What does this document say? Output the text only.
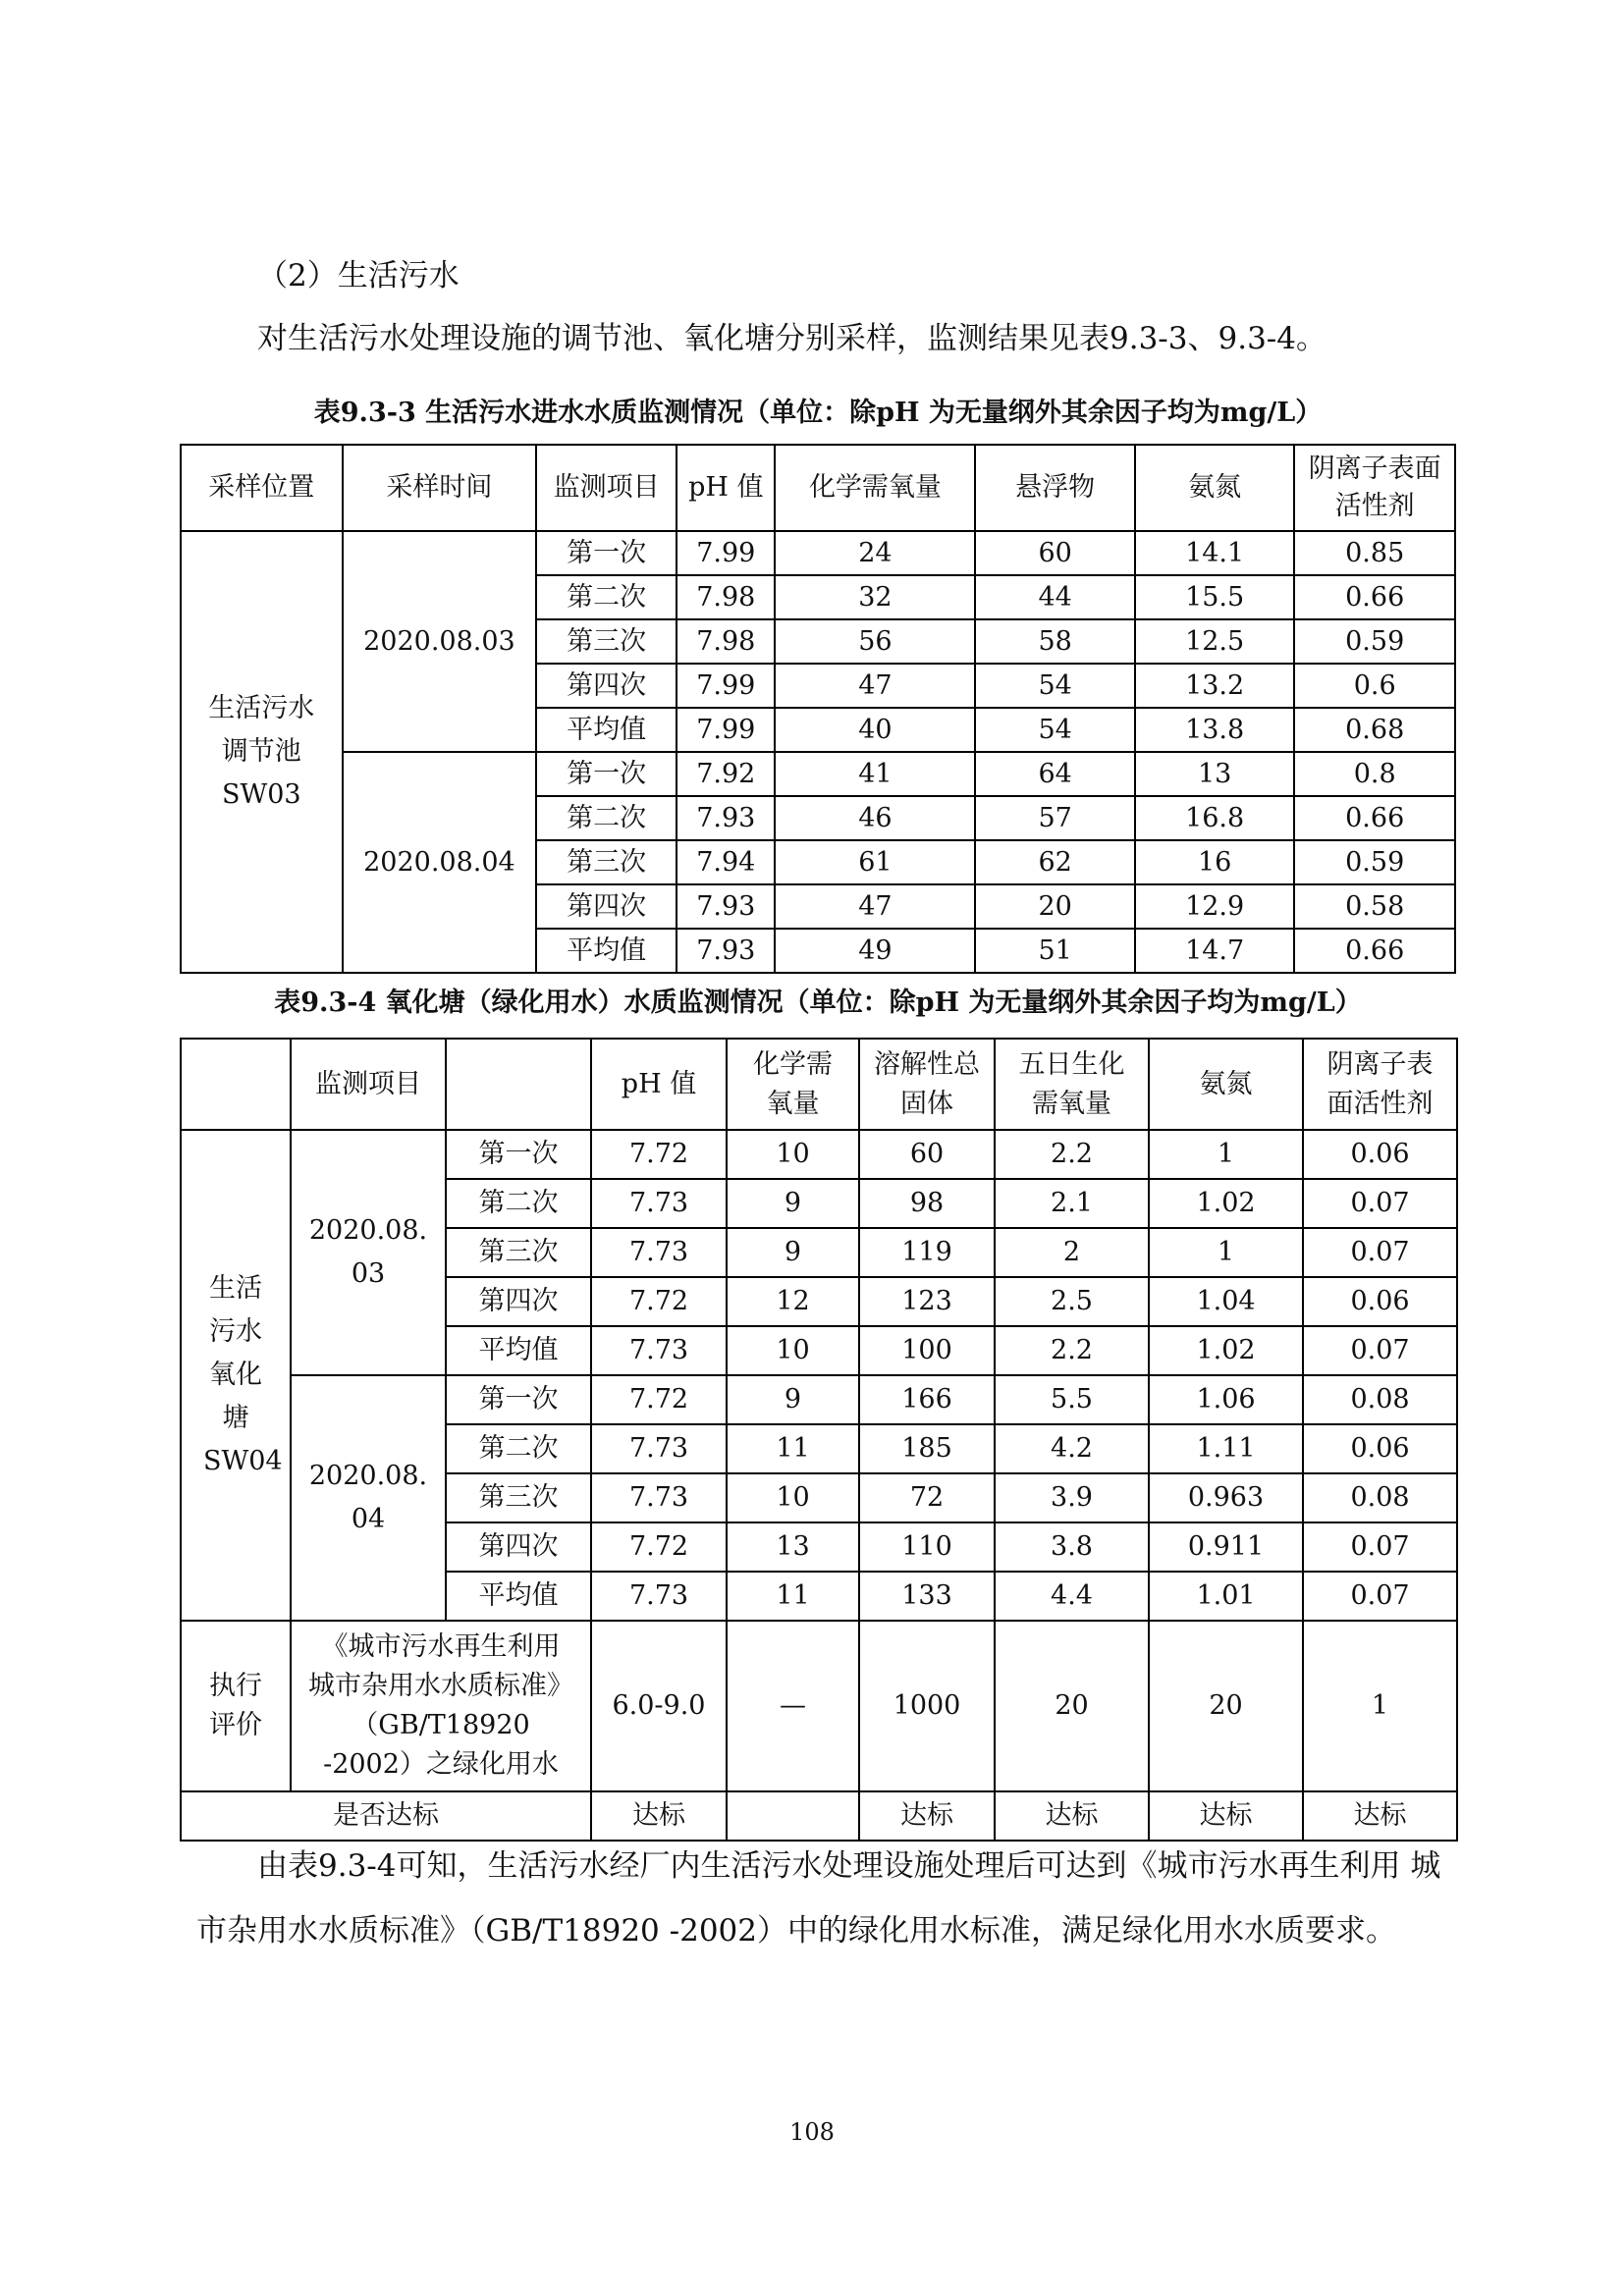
（2）生活污水
对生活污水处理设施的调节池、氧化塘分别采样，监测结果见表9.3-3、9.3-4。
表9.3-3 生活污水进水水质监测情况（单位：除pH 为无量纲外其余因子均为mg/L）
采样位置	采样时间	监测项目	pH 值	化学需氧量	悬浮物	氨氮	阴离子表面活性剂
生活污水调节池SW03	2020.08.03	第一次	7.99	24	60	14.1	0.85
		第二次	7.98	32	44	15.5	0.66
		第三次	7.98	56	58	12.5	0.59
		第四次	7.99	47	54	13.2	0.6
		平均值	7.99	40	54	13.8	0.68
	2020.08.04	第一次	7.92	41	64	13	0.8
		第二次	7.93	46	57	16.8	0.66
		第三次	7.94	61	62	16	0.59
		第四次	7.93	47	20	12.9	0.58
		平均值	7.93	49	51	14.7	0.66
表9.3-4 氧化塘（绿化用水）水质监测情况（单位：除pH 为无量纲外其余因子均为mg/L）
	监测项目		pH 值	化学需氧量	溶解性总固体	五日生化需氧量	氨氮	阴离子表面活性剂
生活污水氧化塘SW04	2020.08.03	第一次	7.72	10	60	2.2	1	0.06
		第二次	7.73	9	98	2.1	1.02	0.07
		第三次	7.73	9	119	2	1	0.07
		第四次	7.72	12	123	2.5	1.04	0.06
		平均值	7.73	10	100	2.2	1.02	0.07
	2020.08.04	第一次	7.72	9	166	5.5	1.06	0.08
		第二次	7.73	11	185	4.2	1.11	0.06
		第三次	7.73	10	72	3.9	0.963	0.08
		第四次	7.72	13	110	3.8	0.911	0.07
		平均值	7.73	11	133	4.4	1.01	0.07
执行评价	《城市污水再生利用 城市杂用水水质标准》（GB/T18920 -2002）之绿化用水		6.0-9.0	—	1000	20	20	1
是否达标			达标		达标	达标	达标	达标
由表9.3-4可知，生活污水经厂内生活污水处理设施处理后可达到《城市污水再生利用 城市杂用水水质标准》（GB/T18920 -2002）中的绿化用水标准，满足绿化用水水质要求。
108
